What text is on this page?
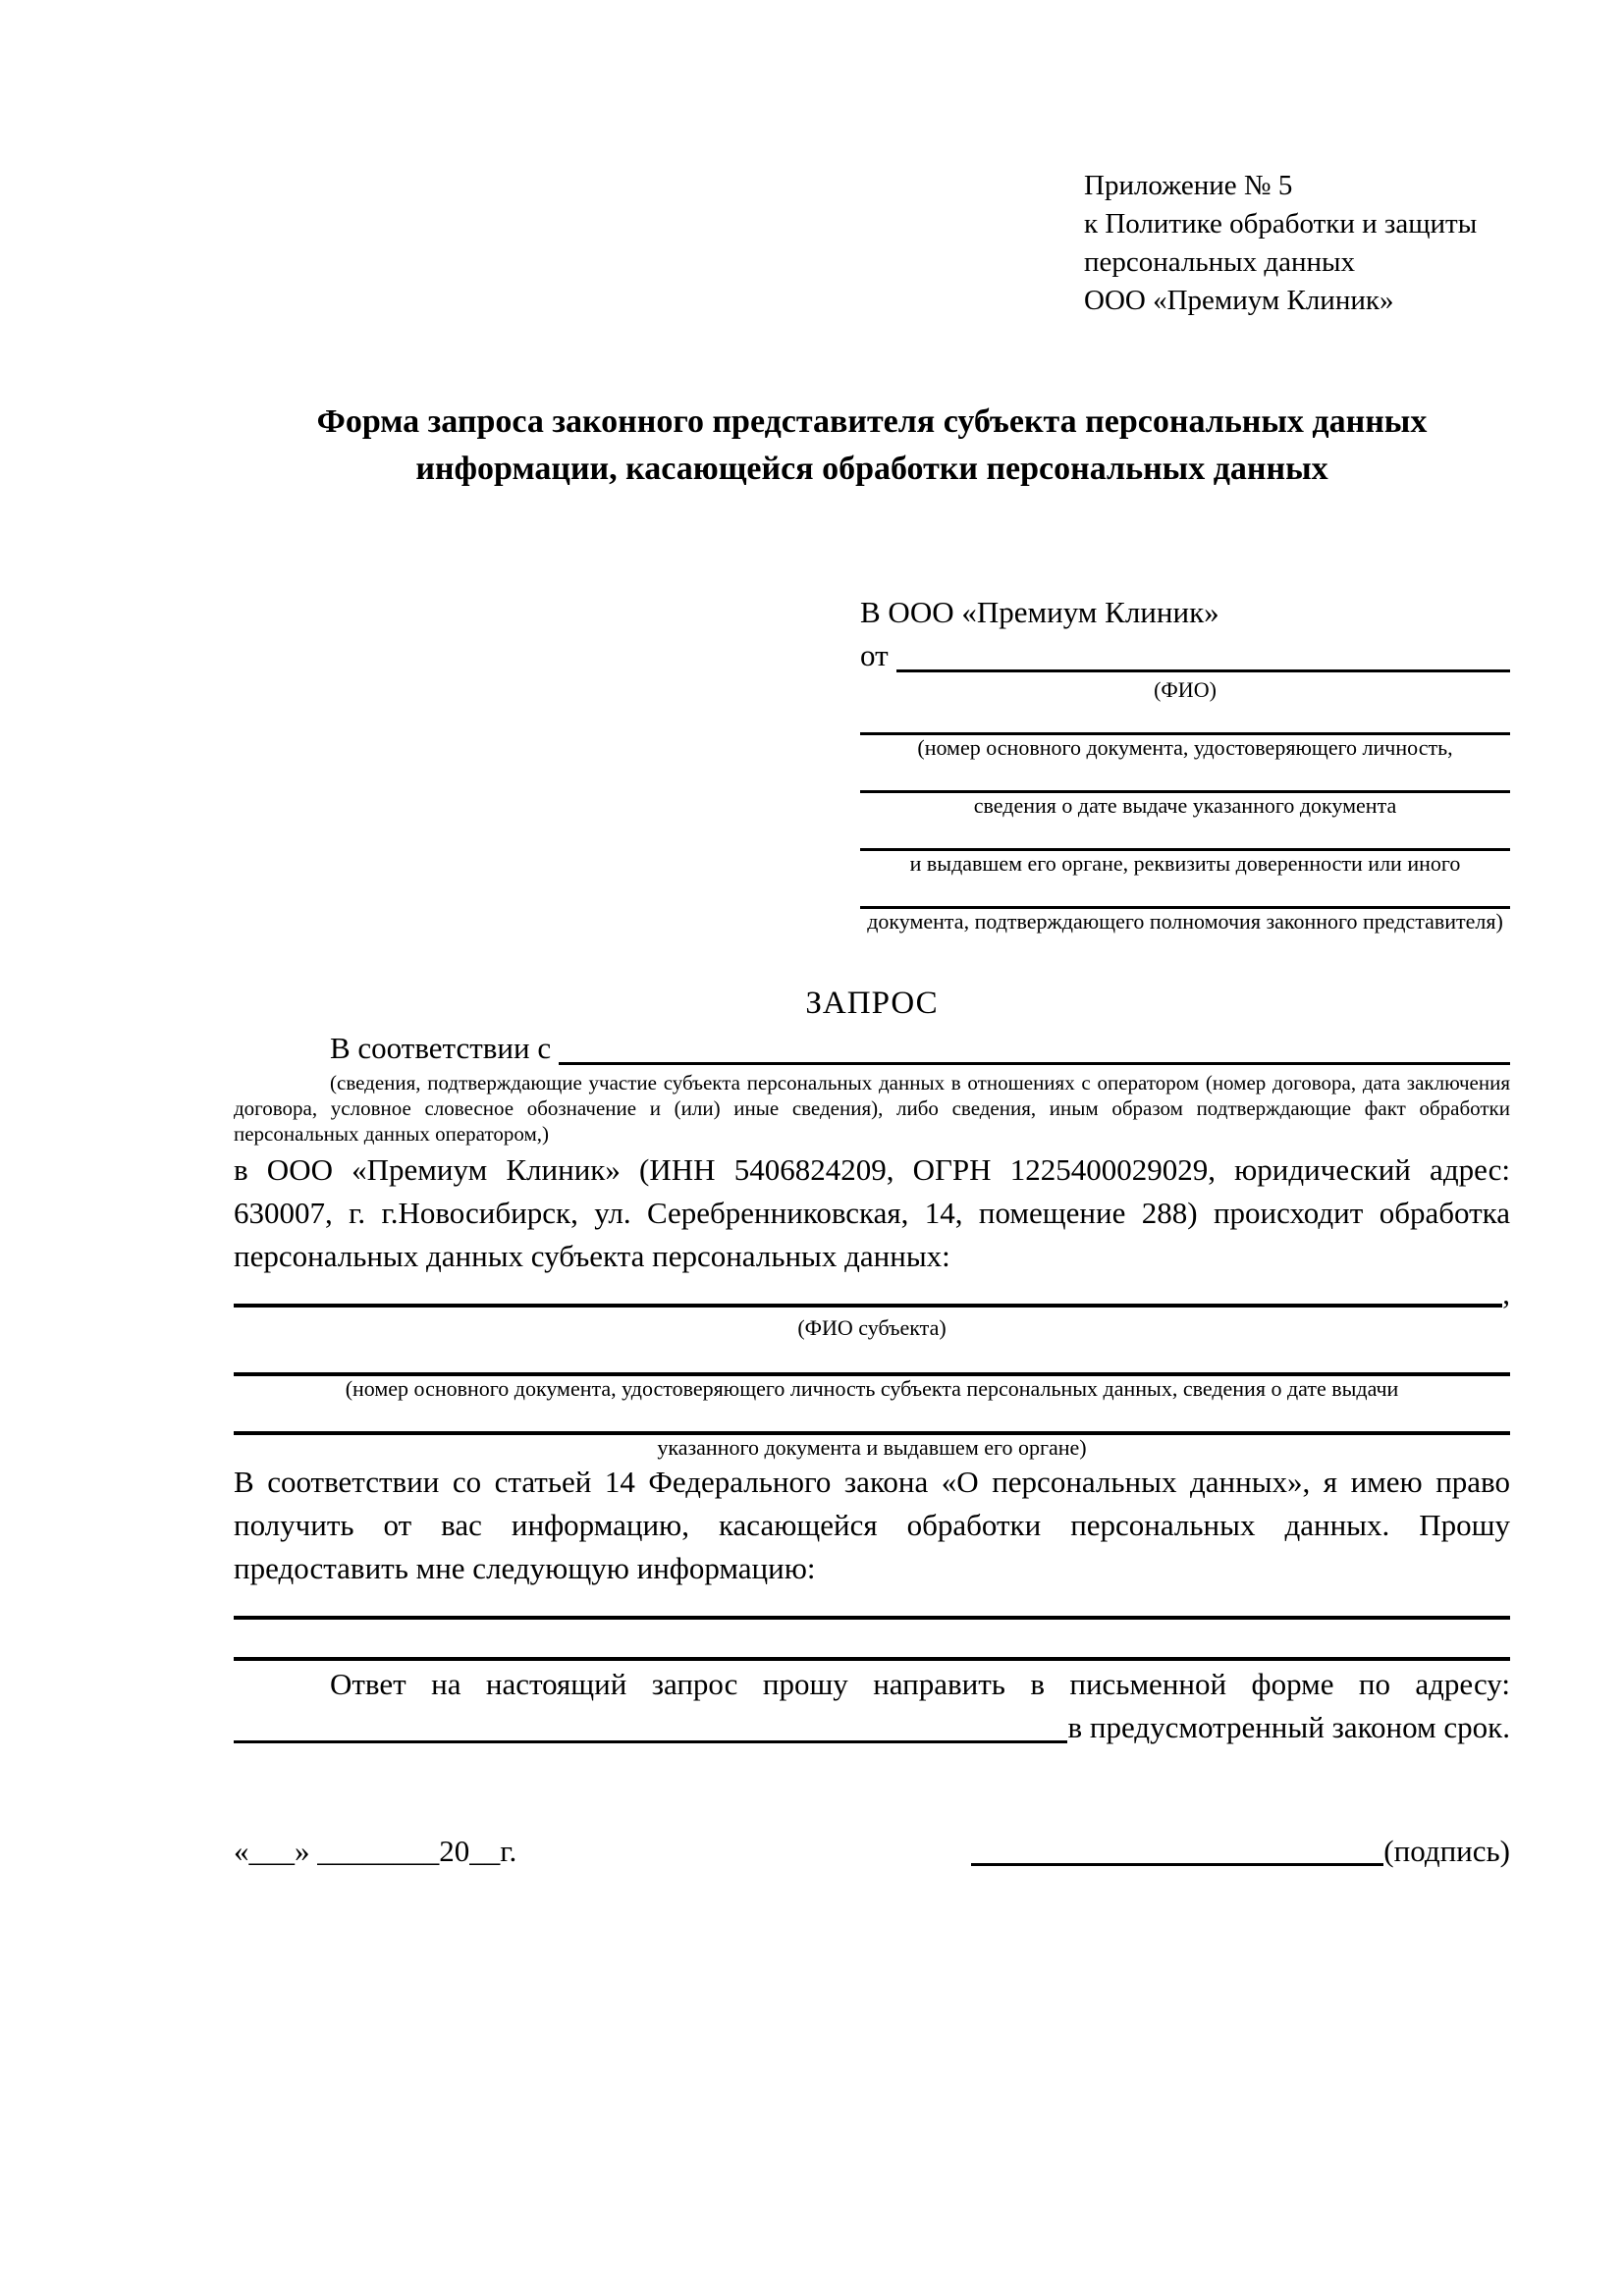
Приложение № 5
к Политике обработки и защиты
персональных данных
ООО «Премиум Клиник»
Форма запроса законного представителя субъекта персональных данных
информации, касающейся обработки персональных данных
В ООО «Премиум Клиник»
от
(ФИО)
(номер основного документа, удостоверяющего личность,
сведения о дате выдаче указанного документа
и выдавшем его органе, реквизиты доверенности или иного
документа, подтверждающего полномочия законного представителя)
ЗАПРОС
В соответствии с
(сведения, подтверждающие участие субъекта персональных данных в отношениях с оператором (номер договора, дата заключения договора, условное словесное обозначение и (или) иные сведения), либо сведения, иным образом подтверждающие факт обработки персональных данных оператором,)

в ООО «Премиум Клиник» (ИНН 5406824209, ОГРН 1225400029029, юридический адрес: 630007, г. г.Новосибирск, ул. Серебренниковская, 14, помещение 288) происходит обработка персональных данных субъекта персональных данных:

,
(ФИО субъекта)
(номер основного документа, удостоверяющего личность субъекта персональных данных, сведения о дате выдачи
указанного документа и выдавшем его органе)

В соответствии со статьей 14 Федерального закона «О персональных данных», я имею право получить от вас информацию, касающейся обработки персональных данных. Прошу предоставить мне следующую информацию:

Ответ на настоящий запрос прошу направить в письменной форме по адресу:
в предусмотренный законом срок.
«___» ________20__г.	(подпись)
